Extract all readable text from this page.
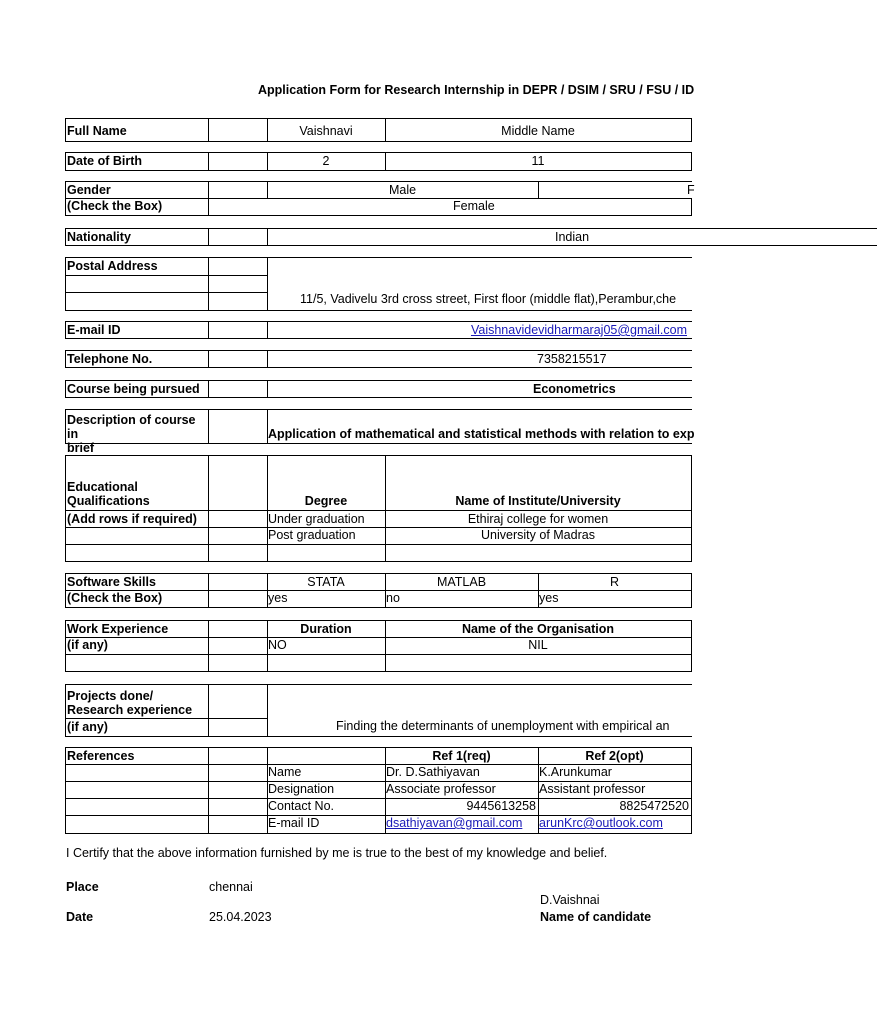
Application Form for Research Internship in DEPR / DSIM / SRU / FSU / ID
Full Name	Vaishnavi	Middle Name
Date of Birth	2	11
Gender	Male	F
(Check the Box)	Female
Nationality	Indian
Postal Address
11/5, Vadivelu 3rd cross street, First floor (middle flat),Perambur,che
E-mail ID	Vaishnavidevidharmaraj05@gmail.com
Telephone No.	7358215517
Course being pursued	Econometrics
Description of course in
brief
Application of mathematical and statistical methods with relation to exp
Educational
Qualifications	Degree	Name of Institute/University
(Add rows if required)	Under graduation	Ethiraj college for women
Post graduation	University of Madras
Software Skills	STATA	MATLAB	R
(Check the Box)	yes	no	yes
Work Experience	Duration	Name of the Organisation
(if any)	NO	NIL
Projects done/
Research experience
(if any)	Finding the determinants of unemployment with empirical an
References	Ref 1(req)	Ref 2(opt)
Name	Dr. D.Sathiyavan	K.Arunkumar
Designation	Associate professor	Assistant professor
Contact No.	9445613258	8825472520
E-mail ID	dsathiyavan@gmail.com	arunKrc@outlook.com
I Certify that the above information furnished by me is true to the best of my knowledge and belief.
Place	chennai
D.Vaishnai
Date	25.04.2023	Name of candidate
